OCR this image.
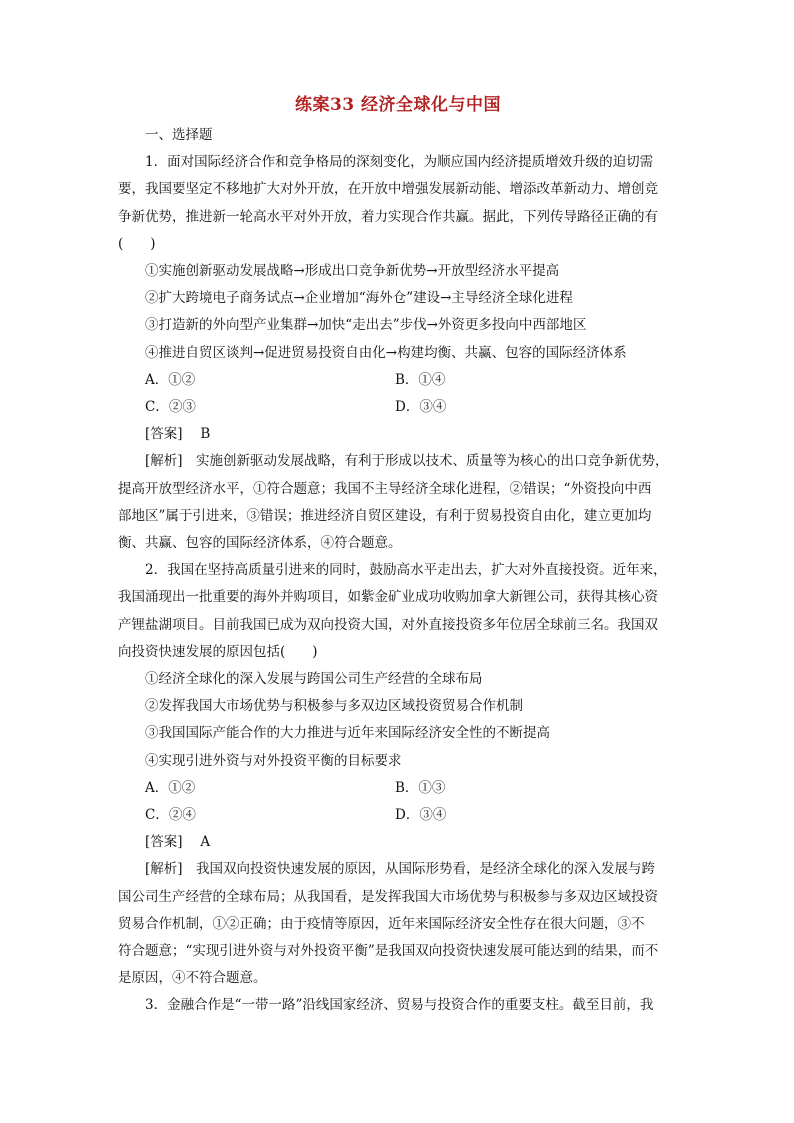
练案33 经济全球化与中国

一、选择题

1．面对国际经济合作和竞争格局的深刻变化，为顺应国内经济提质增效升级的迫切需

要，我国要坚定不移地扩大对外开放，在开放中增强发展新动能、增添改革新动力、增创竞

争新优势，推进新一轮高水平对外开放，着力实现合作共赢。据此，下列传导路径正确的有

(　　)

①实施创新驱动发展战略→形成出口竞争新优势→开放型经济水平提高

②扩大跨境电子商务试点→企业增加“海外仓”建设→主导经济全球化进程

③打造新的外向型产业集群→加快“走出去”步伐→外资更多投向中西部地区

④推进自贸区谈判→促进贸易投资自由化→构建均衡、共赢、包容的国际经济体系

A．①②	B．①④
C．②③	D．③④

[答案] 　 B

[解析]　实施创新驱动发展战略，有利于形成以技术、质量等为核心的出口竞争新优势，

提高开放型经济水平，①符合题意；我国不主导经济全球化进程，②错误；“外资投向中西

部地区”属于引进来，③错误；推进经济自贸区建设，有利于贸易投资自由化，建立更加均

衡、共赢、包容的国际经济体系，④符合题意。

2．我国在坚持高质量引进来的同时，鼓励高水平走出去，扩大对外直接投资。近年来，

我国涌现出一批重要的海外并购项目，如紫金矿业成功收购加拿大新锂公司，获得其核心资

产锂盐湖项目。目前我国已成为双向投资大国，对外直接投资多年位居全球前三名。我国双

向投资快速发展的原因包括(　　)

①经济全球化的深入发展与跨国公司生产经营的全球布局

②发挥我国大市场优势与积极参与多双边区域投资贸易合作机制

③我国国际产能合作的大力推进与近年来国际经济安全性的不断提高

④实现引进外资与对外投资平衡的目标要求

A．①②	B．①③
C．②④	D．③④

[答案] 　 A

[解析]　我国双向投资快速发展的原因，从国际形势看，是经济全球化的深入发展与跨

国公司生产经营的全球布局；从我国看，是发挥我国大市场优势与积极参与多双边区域投资

贸易合作机制，①②正确；由于疫情等原因，近年来国际经济安全性存在很大问题，③不

符合题意；“实现引进外资与对外投资平衡”是我国双向投资快速发展可能达到的结果，而不

是原因，④不符合题意。

3．金融合作是“一带一路”沿线国家经济、贸易与投资合作的重要支柱。截至目前，我
